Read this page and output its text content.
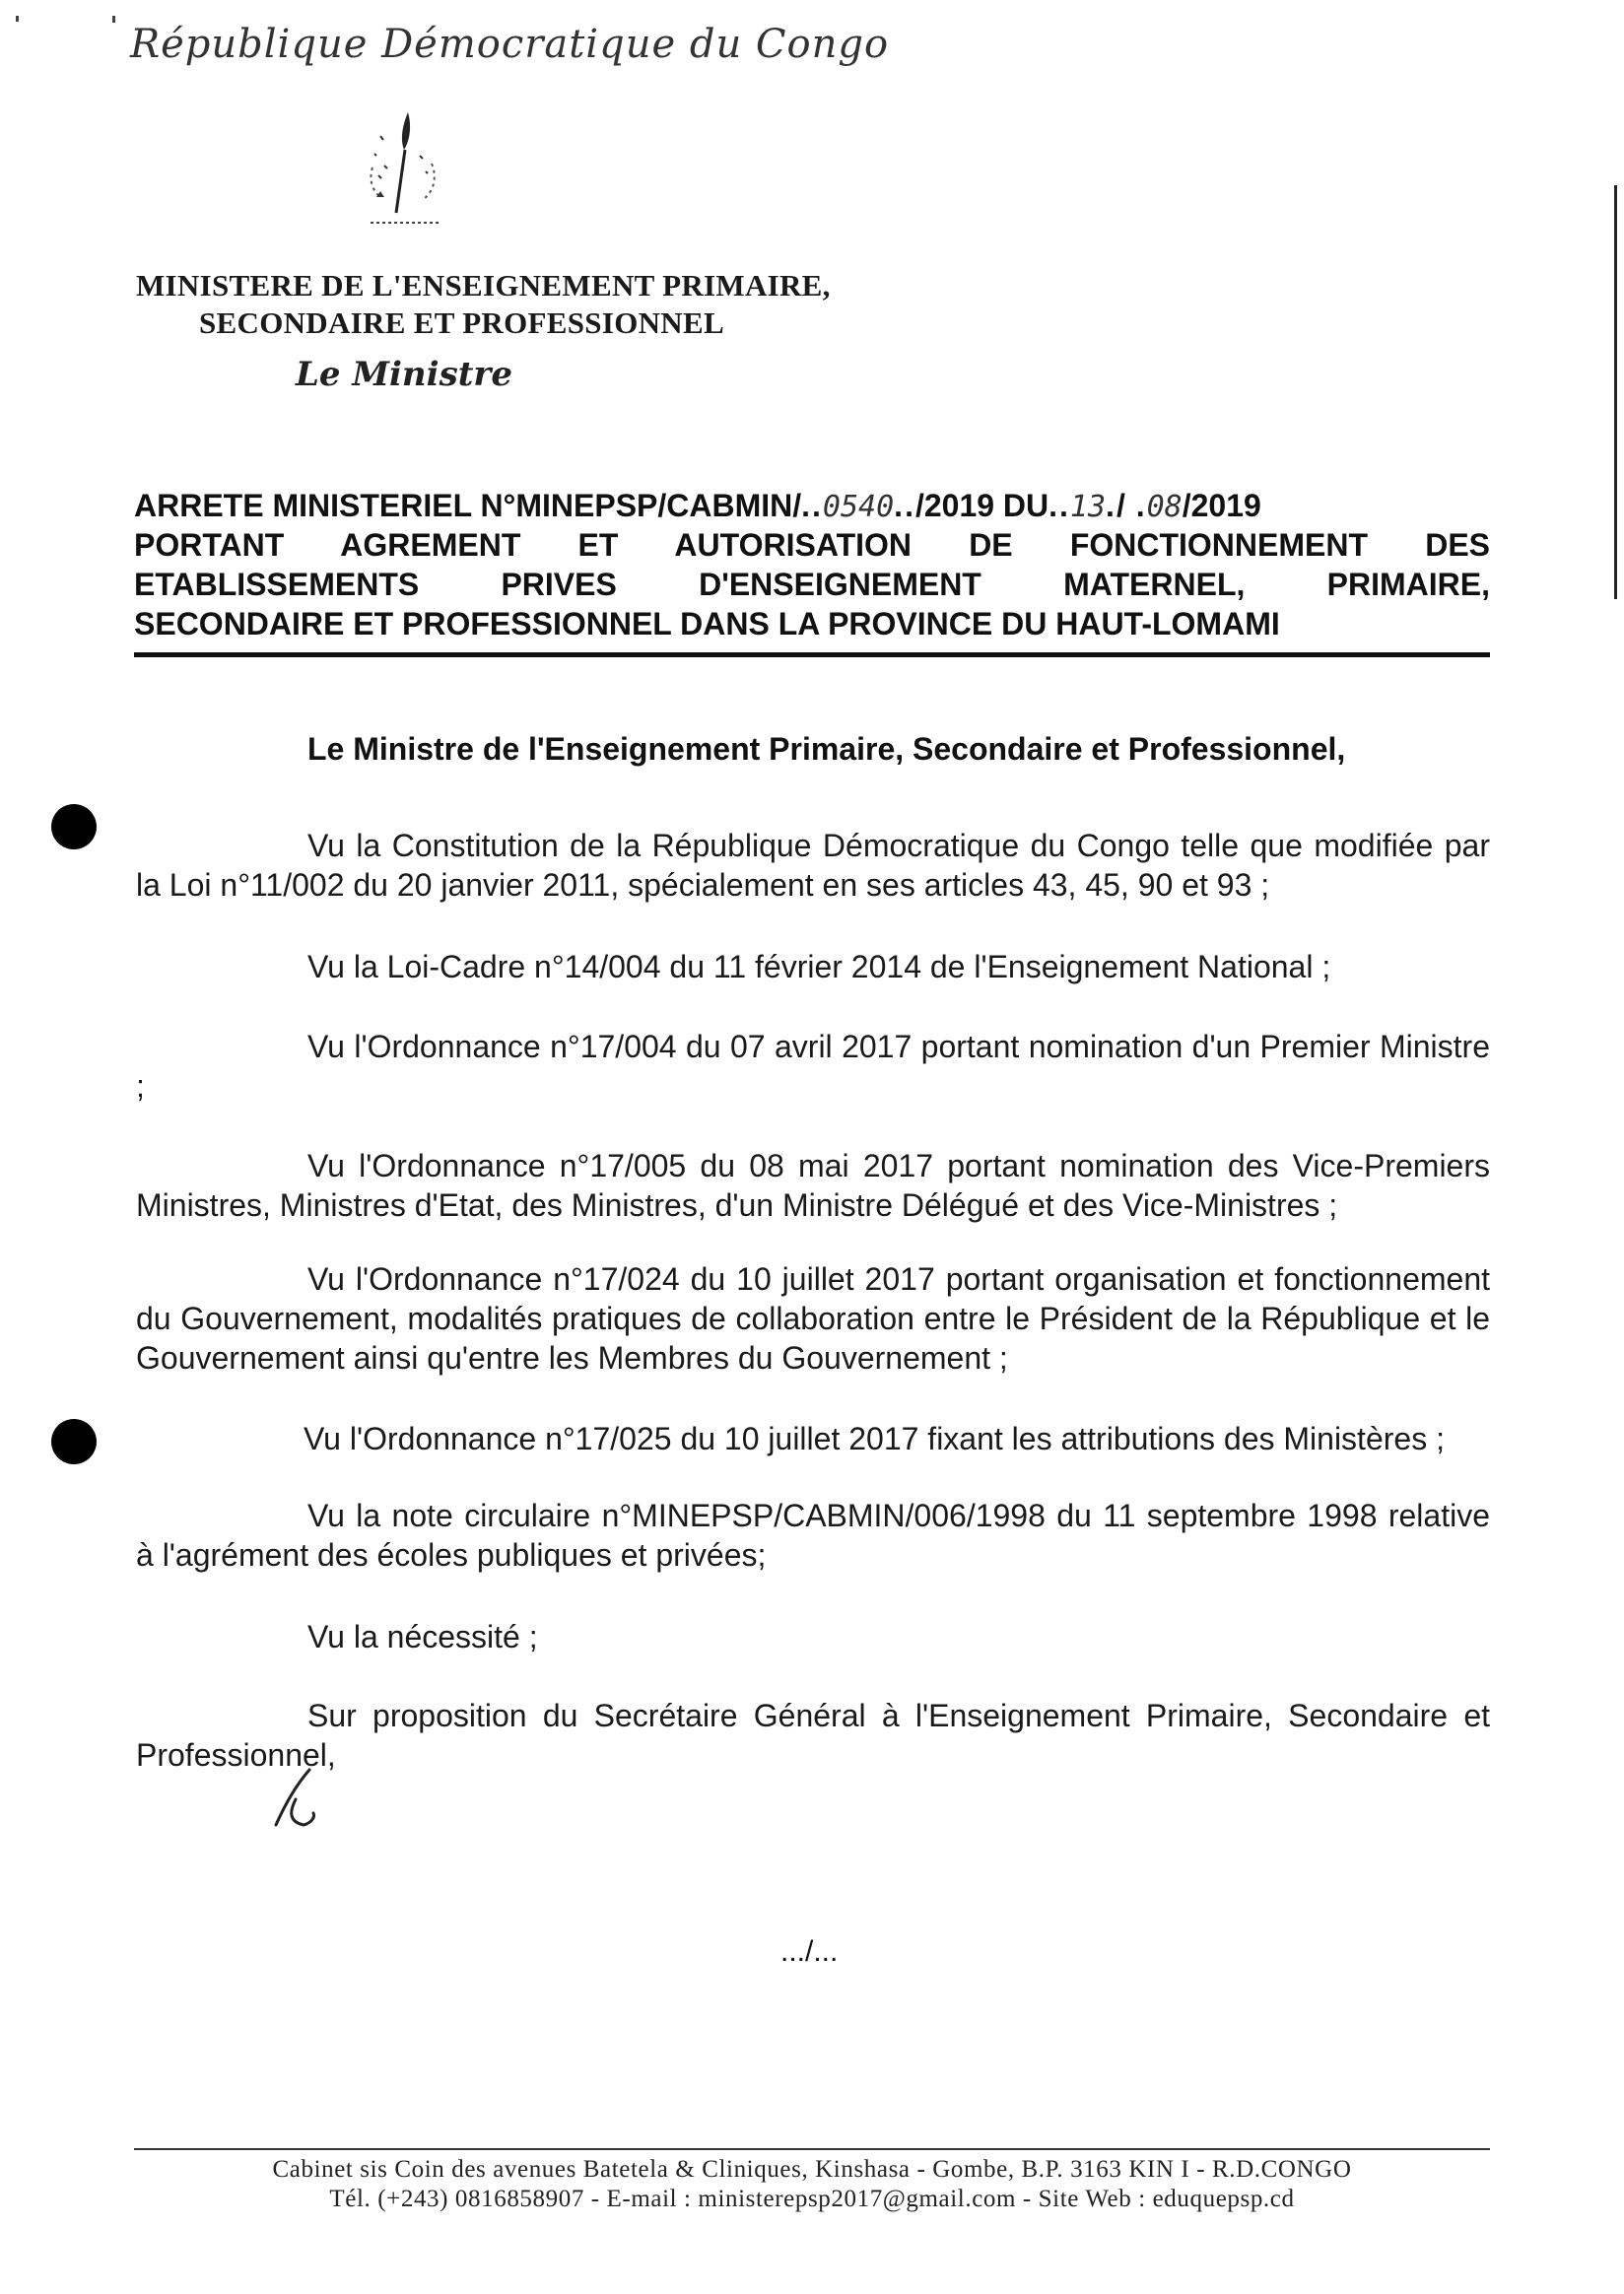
République Démocratique du Congo
MINISTERE DE L'ENSEIGNEMENT PRIMAIRE,
SECONDAIRE ET PROFESSIONNEL
Le Ministre
ARRETE MINISTERIEL N°MINEPSP/CABMIN/..0540../2019 DU..13./ .08/2019
PORTANT AGREMENT ET AUTORISATION DE FONCTIONNEMENT DES
ETABLISSEMENTS PRIVES D'ENSEIGNEMENT MATERNEL, PRIMAIRE,
SECONDAIRE ET PROFESSIONNEL DANS LA PROVINCE DU HAUT-LOMAMI
Le Ministre de l'Enseignement Primaire, Secondaire et Professionnel,
Vu la Constitution de la République Démocratique du Congo telle que modifiée par la Loi n°11/002 du 20 janvier 2011, spécialement en ses articles 43, 45, 90 et 93 ;
Vu la Loi-Cadre n°14/004 du 11 février 2014 de l'Enseignement National ;
Vu l'Ordonnance n°17/004 du 07 avril 2017 portant nomination d'un Premier Ministre ;
Vu l'Ordonnance n°17/005 du 08 mai 2017 portant nomination des Vice-Premiers Ministres, Ministres d'Etat, des Ministres, d'un Ministre Délégué et des Vice-Ministres ;
Vu l'Ordonnance n°17/024 du 10 juillet 2017 portant organisation et fonctionnement du Gouvernement, modalités pratiques de collaboration entre le Président de la République et le Gouvernement ainsi qu'entre les Membres du Gouvernement ;
Vu l'Ordonnance n°17/025 du 10 juillet 2017 fixant les attributions des Ministères ;
Vu la note circulaire n°MINEPSP/CABMIN/006/1998 du 11 septembre 1998 relative à l'agrément des écoles publiques et privées;
Vu la nécessité ;
Sur proposition du Secrétaire Général à l'Enseignement Primaire, Secondaire et Professionnel,
.../...
Cabinet sis Coin des avenues Batetela & Cliniques, Kinshasa - Gombe, B.P. 3163 KIN I - R.D.CONGO
Tél. (+243) 0816858907 - E-mail : ministerepsp2017@gmail.com - Site Web : eduquepsp.cd
